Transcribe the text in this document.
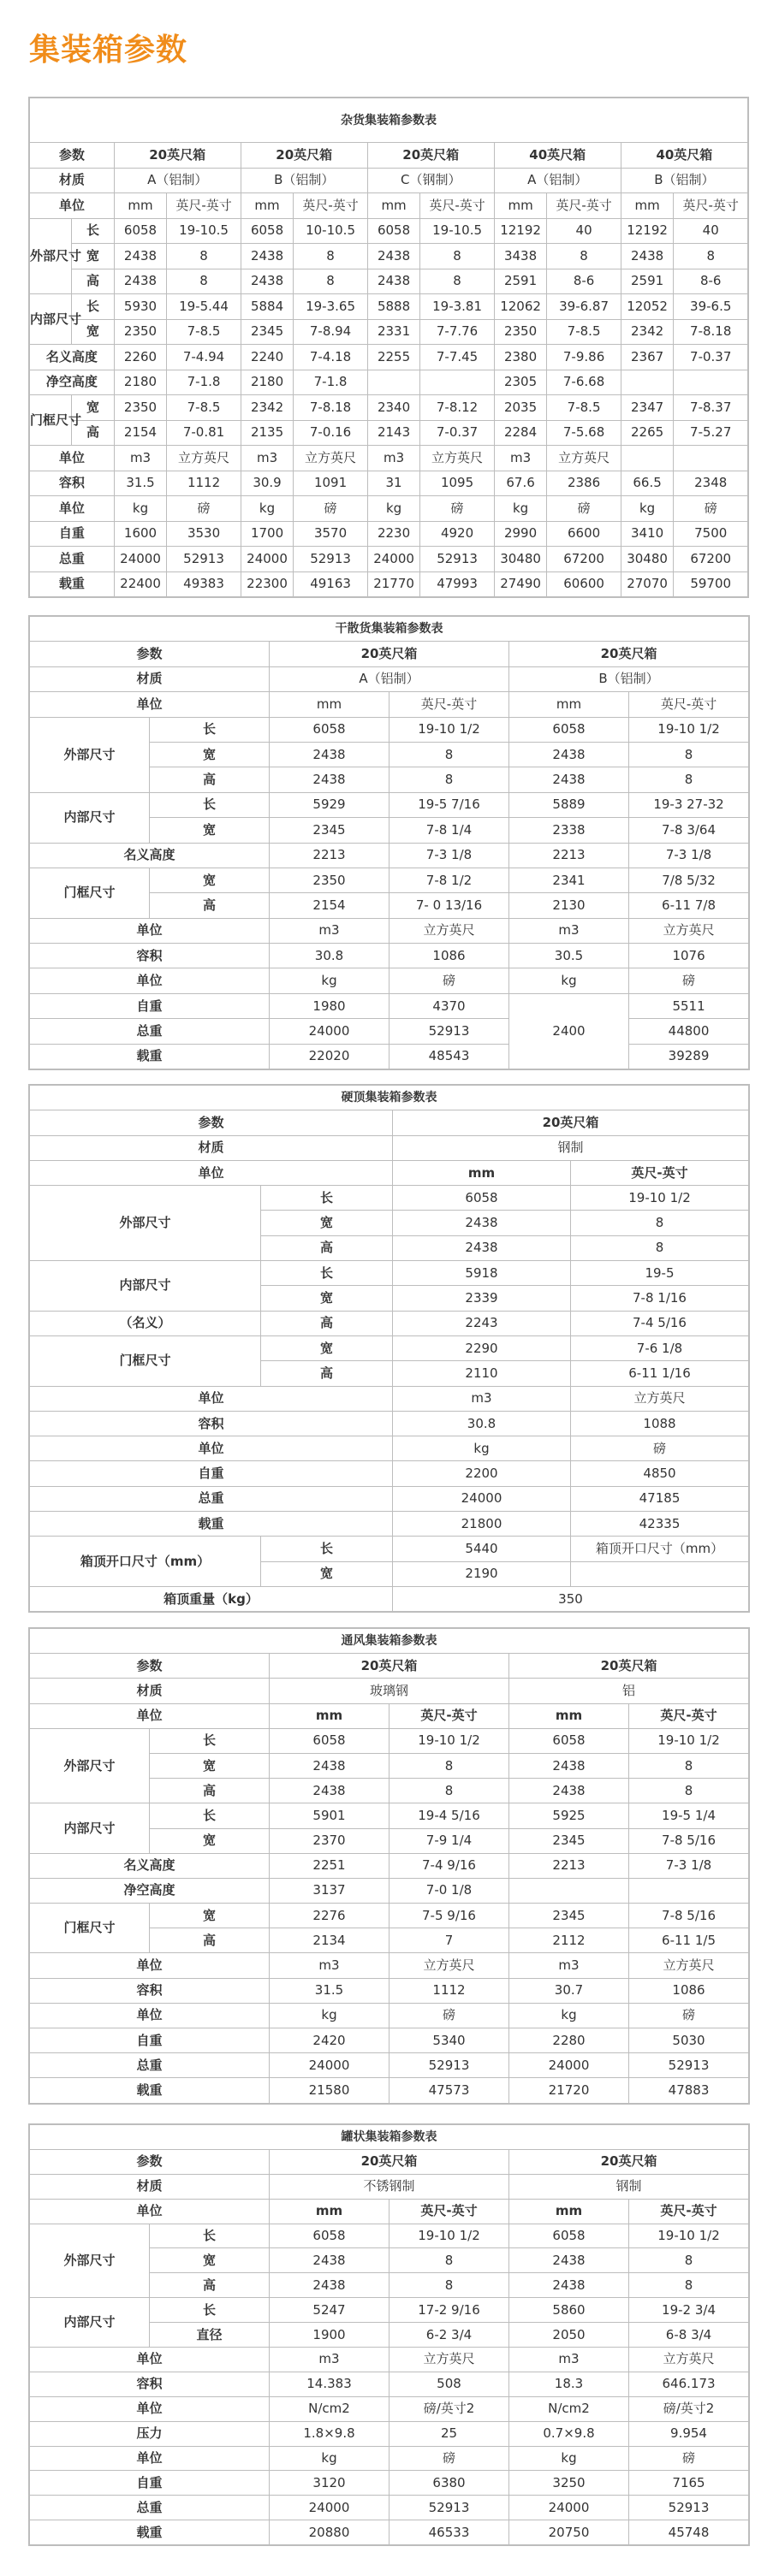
集装箱参数
杂货集装箱参数表											
参数		20英尺箱		20英尺箱		20英尺箱		40英尺箱		40英尺箱	
材质		A（铝制）		B（铝制）		C（钢制）		A（铝制）		B（铝制）	
单位		mm	英尺-英寸	mm	英尺-英寸	mm	英尺-英寸	mm	英尺-英寸	mm	英尺-英寸
外部尺寸	长	6058	19-10.5	6058	10-10.5	6058	19-10.5	12192	40	12192	40
	宽	2438	8	2438	8	2438	8	3438	8	2438	8
	高	2438	8	2438	8	2438	8	2591	8-6	2591	8-6
内部尺寸	长	5930	19-5.44	5884	19-3.65	5888	19-3.81	12062	39-6.87	12052	39-6.5
	宽	2350	7-8.5	2345	7-8.94	2331	7-7.76	2350	7-8.5	2342	7-8.18
名义高度		2260	7-4.94	2240	7-4.18	2255	7-7.45	2380	7-9.86	2367	7-0.37
净空高度		2180	7-1.8	2180	7-1.8			2305	7-6.68		
门框尺寸	宽	2350	7-8.5	2342	7-8.18	2340	7-8.12	2035	7-8.5	2347	7-8.37
	高	2154	7-0.81	2135	7-0.16	2143	7-0.37	2284	7-5.68	2265	7-5.27
单位		m3	立方英尺	m3	立方英尺	m3	立方英尺	m3	立方英尺		
容积		31.5	1112	30.9	1091	31	1095	67.6	2386	66.5	2348
单位		kg	磅	kg	磅	kg	磅	kg	磅	kg	磅
自重		1600	3530	1700	3570	2230	4920	2990	6600	3410	7500
总重		24000	52913	24000	52913	24000	52913	30480	67200	30480	67200
载重		22400	49383	22300	49163	21770	47993	27490	60600	27070	59700
干散货集装箱参数表					
参数		20英尺箱		20英尺箱	
材质		A（铝制）		B（铝制）	
单位		mm	英尺-英寸	mm	英尺-英寸
外部尺寸	长	6058	19-10 1/2	6058	19-10 1/2
	宽	2438	8	2438	8
	高	2438	8	2438	8
内部尺寸	长	5929	19-5 7/16	5889	19-3 27-32
	宽	2345	7-8 1/4	2338	7-8 3/64
名义高度		2213	7-3 1/8	2213	7-3 1/8
门框尺寸	宽	2350	7-8 1/2	2341	7/8 5/32
	高	2154	7- 0 13/16	2130	6-11 7/8
单位		m3	立方英尺	m3	立方英尺
容积		30.8	1086	30.5	1076
单位		kg	磅	kg	磅
自重		1980	4370	2400	5511
总重		24000	52913		44800
载重		22020	48543		39289
硬顶集装箱参数表			
参数		20英尺箱	
材质		钢制	
单位		mm	英尺-英寸
外部尺寸	长	6058	19-10 1/2
	宽	2438	8
	高	2438	8
内部尺寸	长	5918	19-5
	宽	2339	7-8 1/16
（名义）	高	2243	7-4 5/16
门框尺寸	宽	2290	7-6 1/8
	高	2110	6-11 1/16
单位		m3	立方英尺
容积		30.8	1088
单位		kg	磅
自重		2200	4850
总重		24000	47185
载重		21800	42335
箱顶开口尺寸（mm）	长	5440	箱顶开口尺寸（mm）
	宽	2190	
箱顶重量（kg）		350	
通风集装箱参数表					
参数		20英尺箱		20英尺箱	
材质		玻璃钢		铝	
单位		mm	英尺-英寸	mm	英尺-英寸
外部尺寸	长	6058	19-10 1/2	6058	19-10 1/2
	宽	2438	8	2438	8
	高	2438	8	2438	8
内部尺寸	长	5901	19-4 5/16	5925	19-5 1/4
	宽	2370	7-9 1/4	2345	7-8 5/16
名义高度		2251	7-4 9/16	2213	7-3 1/8
净空高度		3137	7-0 1/8		
门框尺寸	宽	2276	7-5 9/16	2345	7-8 5/16
	高	2134	7	2112	6-11 1/5
单位		m3	立方英尺	m3	立方英尺
容积		31.5	1112	30.7	1086
单位		kg	磅	kg	磅
自重		2420	5340	2280	5030
总重		24000	52913	24000	52913
载重		21580	47573	21720	47883
罐状集装箱参数表					
参数		20英尺箱		20英尺箱	
材质		不锈钢制		钢制	
单位		mm	英尺-英寸	mm	英尺-英寸
外部尺寸	长	6058	19-10 1/2	6058	19-10 1/2
	宽	2438	8	2438	8
	高	2438	8	2438	8
内部尺寸	长	5247	17-2 9/16	5860	19-2 3/4
	直径	1900	6-2 3/4	2050	6-8 3/4
单位		m3	立方英尺	m3	立方英尺
容积		14.383	508	18.3	646.173
单位		N/cm2	磅/英寸2	N/cm2	磅/英寸2
压力		1.8×9.8	25	0.7×9.8	9.954
单位		kg	磅	kg	磅
自重		3120	6380	3250	7165
总重		24000	52913	24000	52913
载重		20880	46533	20750	45748
